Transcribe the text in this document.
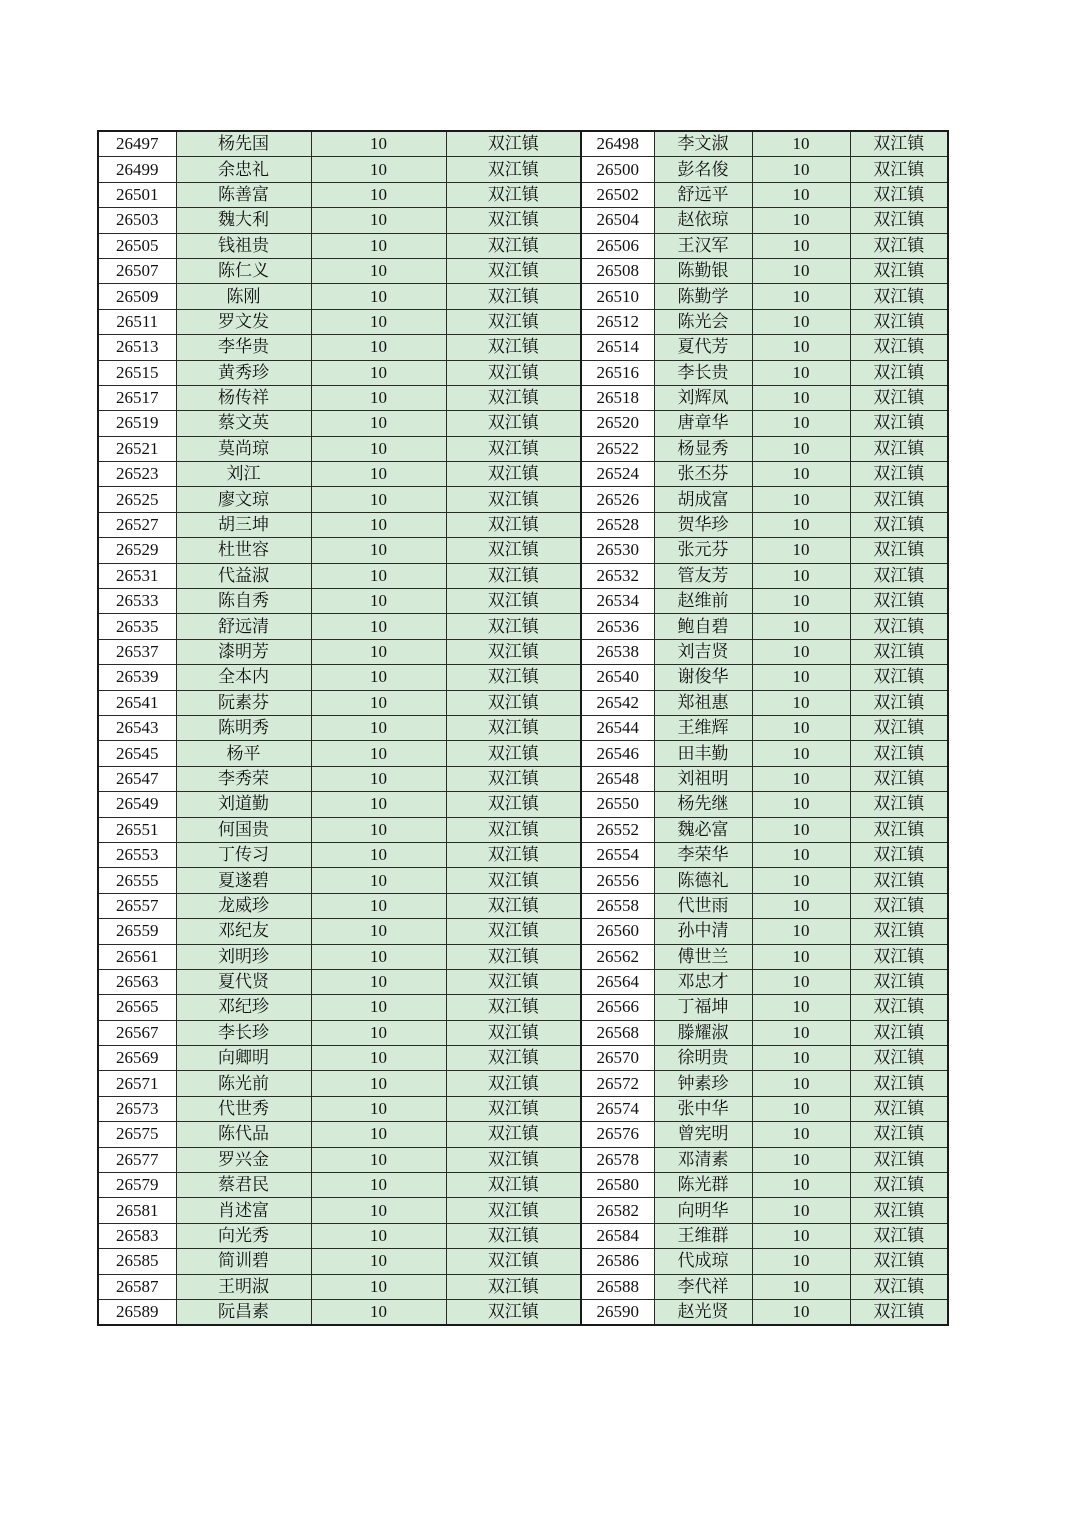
26497	杨先国	10	双江镇	26498	李文淑	10	双江镇
26499	余忠礼	10	双江镇	26500	彭名俊	10	双江镇
26501	陈善富	10	双江镇	26502	舒远平	10	双江镇
26503	魏大利	10	双江镇	26504	赵依琼	10	双江镇
26505	钱祖贵	10	双江镇	26506	王汉军	10	双江镇
26507	陈仁义	10	双江镇	26508	陈勤银	10	双江镇
26509	陈刚	10	双江镇	26510	陈勤学	10	双江镇
26511	罗文发	10	双江镇	26512	陈光会	10	双江镇
26513	李华贵	10	双江镇	26514	夏代芳	10	双江镇
26515	黄秀珍	10	双江镇	26516	李长贵	10	双江镇
26517	杨传祥	10	双江镇	26518	刘辉凤	10	双江镇
26519	蔡文英	10	双江镇	26520	唐章华	10	双江镇
26521	莫尚琼	10	双江镇	26522	杨显秀	10	双江镇
26523	刘江	10	双江镇	26524	张丕芬	10	双江镇
26525	廖文琼	10	双江镇	26526	胡成富	10	双江镇
26527	胡三坤	10	双江镇	26528	贺华珍	10	双江镇
26529	杜世容	10	双江镇	26530	张元芬	10	双江镇
26531	代益淑	10	双江镇	26532	管友芳	10	双江镇
26533	陈自秀	10	双江镇	26534	赵维前	10	双江镇
26535	舒远清	10	双江镇	26536	鲍自碧	10	双江镇
26537	漆明芳	10	双江镇	26538	刘吉贤	10	双江镇
26539	全本内	10	双江镇	26540	谢俊华	10	双江镇
26541	阮素芬	10	双江镇	26542	郑祖惠	10	双江镇
26543	陈明秀	10	双江镇	26544	王维辉	10	双江镇
26545	杨平	10	双江镇	26546	田丰勤	10	双江镇
26547	李秀荣	10	双江镇	26548	刘祖明	10	双江镇
26549	刘道勤	10	双江镇	26550	杨先继	10	双江镇
26551	何国贵	10	双江镇	26552	魏必富	10	双江镇
26553	丁传习	10	双江镇	26554	李荣华	10	双江镇
26555	夏遂碧	10	双江镇	26556	陈德礼	10	双江镇
26557	龙威珍	10	双江镇	26558	代世雨	10	双江镇
26559	邓纪友	10	双江镇	26560	孙中清	10	双江镇
26561	刘明珍	10	双江镇	26562	傅世兰	10	双江镇
26563	夏代贤	10	双江镇	26564	邓忠才	10	双江镇
26565	邓纪珍	10	双江镇	26566	丁福坤	10	双江镇
26567	李长珍	10	双江镇	26568	滕耀淑	10	双江镇
26569	向卿明	10	双江镇	26570	徐明贵	10	双江镇
26571	陈光前	10	双江镇	26572	钟素珍	10	双江镇
26573	代世秀	10	双江镇	26574	张中华	10	双江镇
26575	陈代品	10	双江镇	26576	曾宪明	10	双江镇
26577	罗兴金	10	双江镇	26578	邓清素	10	双江镇
26579	蔡君民	10	双江镇	26580	陈光群	10	双江镇
26581	肖述富	10	双江镇	26582	向明华	10	双江镇
26583	向光秀	10	双江镇	26584	王维群	10	双江镇
26585	简训碧	10	双江镇	26586	代成琼	10	双江镇
26587	王明淑	10	双江镇	26588	李代祥	10	双江镇
26589	阮昌素	10	双江镇	26590	赵光贤	10	双江镇
